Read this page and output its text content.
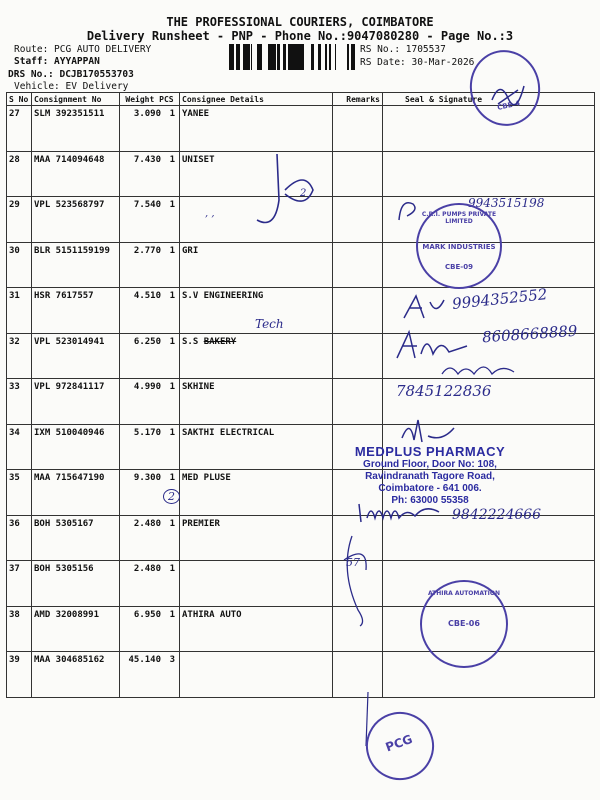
THE PROFESSIONAL COURIERS, COIMBATORE
Delivery Runsheet - PNP - Phone No.:9047080280 - Page No.:3
Route: PCG AUTO DELIVERY
Staff: AYYAPPAN
DRS No.: DCJB170553703
Vehicle: EV Delivery
RS No.: 1705537
RS Date: 30-Mar-2026
S No	Consignment No	Weight PCS	Consignee Details	Remarks	Seal & Signature
27	SLM 392351511	3.090 1	YANEE		
28	MAA 714094648	7.430 1	UNISET		
29	VPL 523568797	7.540 1			
30	BLR 5151159199	2.770 1	GRI		
31	HSR 7617557	4.510 1	S.V ENGINEERING		
32	VPL 523014941	6.250 1	S.S BAKERY		
33	VPL 972841117	4.990 1	SKHINE		
34	IXM 510040946	5.170 1	SAKTHI ELECTRICAL		
35	MAA 715647190	9.300 1	MED PLUSE		
36	BOH 5305167	2.480 1	PREMIER		
37	BOH 5305156	2.480 1			
38	AMD 32008991	6.950 1	ATHIRA AUTO		
39	MAA 304685162	45.140 3			
CBE-4
2
, ,
9943515198
C.R.I. PUMPS PRIVATE LIMITED
MARK INDUSTRIES
CBE-09
Tech
9994352552
8608668889
7845122836
MEDPLUS PHARMACY
Ground Floor, Door No: 108,
Ravindranath Tagore Road,
Coimbatore - 641 006.
Ph: 63000 55358
2
9842224666
57
ATHIRA AUTOMATION
CBE-06
PCG
